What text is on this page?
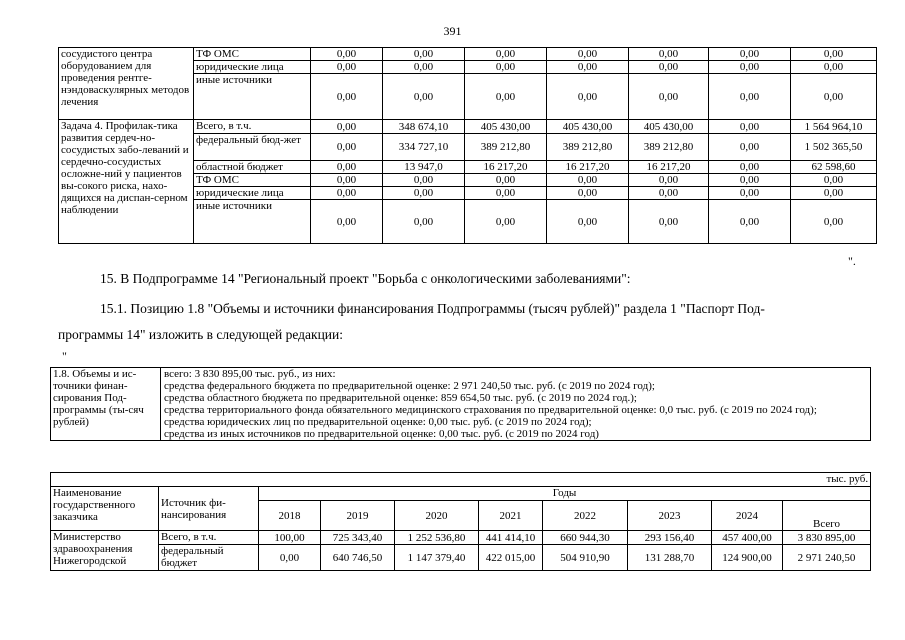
391
сосудистого центра оборудованием для проведения рентге-нэндоваскулярных методов лечения	ТФ ОМС	0,00	0,00	0,00	0,00	0,00	0,00	0,00
	юридические лица	0,00	0,00	0,00	0,00	0,00	0,00	0,00
	иные источники	0,00	0,00	0,00	0,00	0,00	0,00	0,00
Задача 4. Профилак-тика развития сердеч-но-сосудистых забо-леваний и сердечно-сосудистых осложне-ний у пациентов вы-сокого риска, нахо-дящихся на диспан-серном наблюдении	Всего, в т.ч.	0,00	348 674,10	405 430,00	405 430,00	405 430,00	0,00	1 564 964,10
	федеральный бюд-жет	0,00	334 727,10	389 212,80	389 212,80	389 212,80	0,00	1 502 365,50
	областной бюджет	0,00	13 947,0	16 217,20	16 217,20	16 217,20	0,00	62 598,60
	ТФ ОМС	0,00	0,00	0,00	0,00	0,00	0,00	0,00
	юридические лица	0,00	0,00	0,00	0,00	0,00	0,00	0,00
	иные источники	0,00	0,00	0,00	0,00	0,00	0,00	0,00
".
15. В Подпрограмме 14 "Региональный проект "Борьба с онкологическими заболеваниями":
15.1. Позицию 1.8 "Объемы и источники финансирования Подпрограммы (тысяч рублей)" раздела 1 "Паспорт Под-
программы 14" изложить в следующей редакции:
"
1.8. Объемы и ис-точники финан-сирования Под-программы (ты-сяч рублей)	
всего: 3 830 895,00 тыс. руб., из них:
средства федерального бюджета по предварительной оценке: 2 971 240,50 тыс. руб. (с 2019 по 2024 год);
средства областного бюджета по предварительной оценке: 859 654,50 тыс. руб. (с 2019 по 2024 год.);
средства территориального фонда обязательного медицинского страхования по предварительной оценке: 0,0 тыс. руб. (с 2019 по 2024 год);
средства юридических лиц по предварительной оценке: 0,00 тыс. руб. (с 2019 по 2024 год);
средства из иных источников по предварительной оценке: 0,00 тыс. руб. (с 2019 по 2024 год)
тыс. руб.									
Наименование государственного заказчика	Источник фи-нансирования	Годы							
		2018	2019	2020	2021	2022	2023	2024	Всего
Министерство здравоохранения Нижегородской	Всего, в т.ч.	100,00	725 343,40	1 252 536,80	441 414,10	660 944,30	293 156,40	457 400,00	3 830 895,00
	федеральный бюджет	0,00	640 746,50	1 147 379,40	422 015,00	504 910,90	131 288,70	124 900,00	2 971 240,50
